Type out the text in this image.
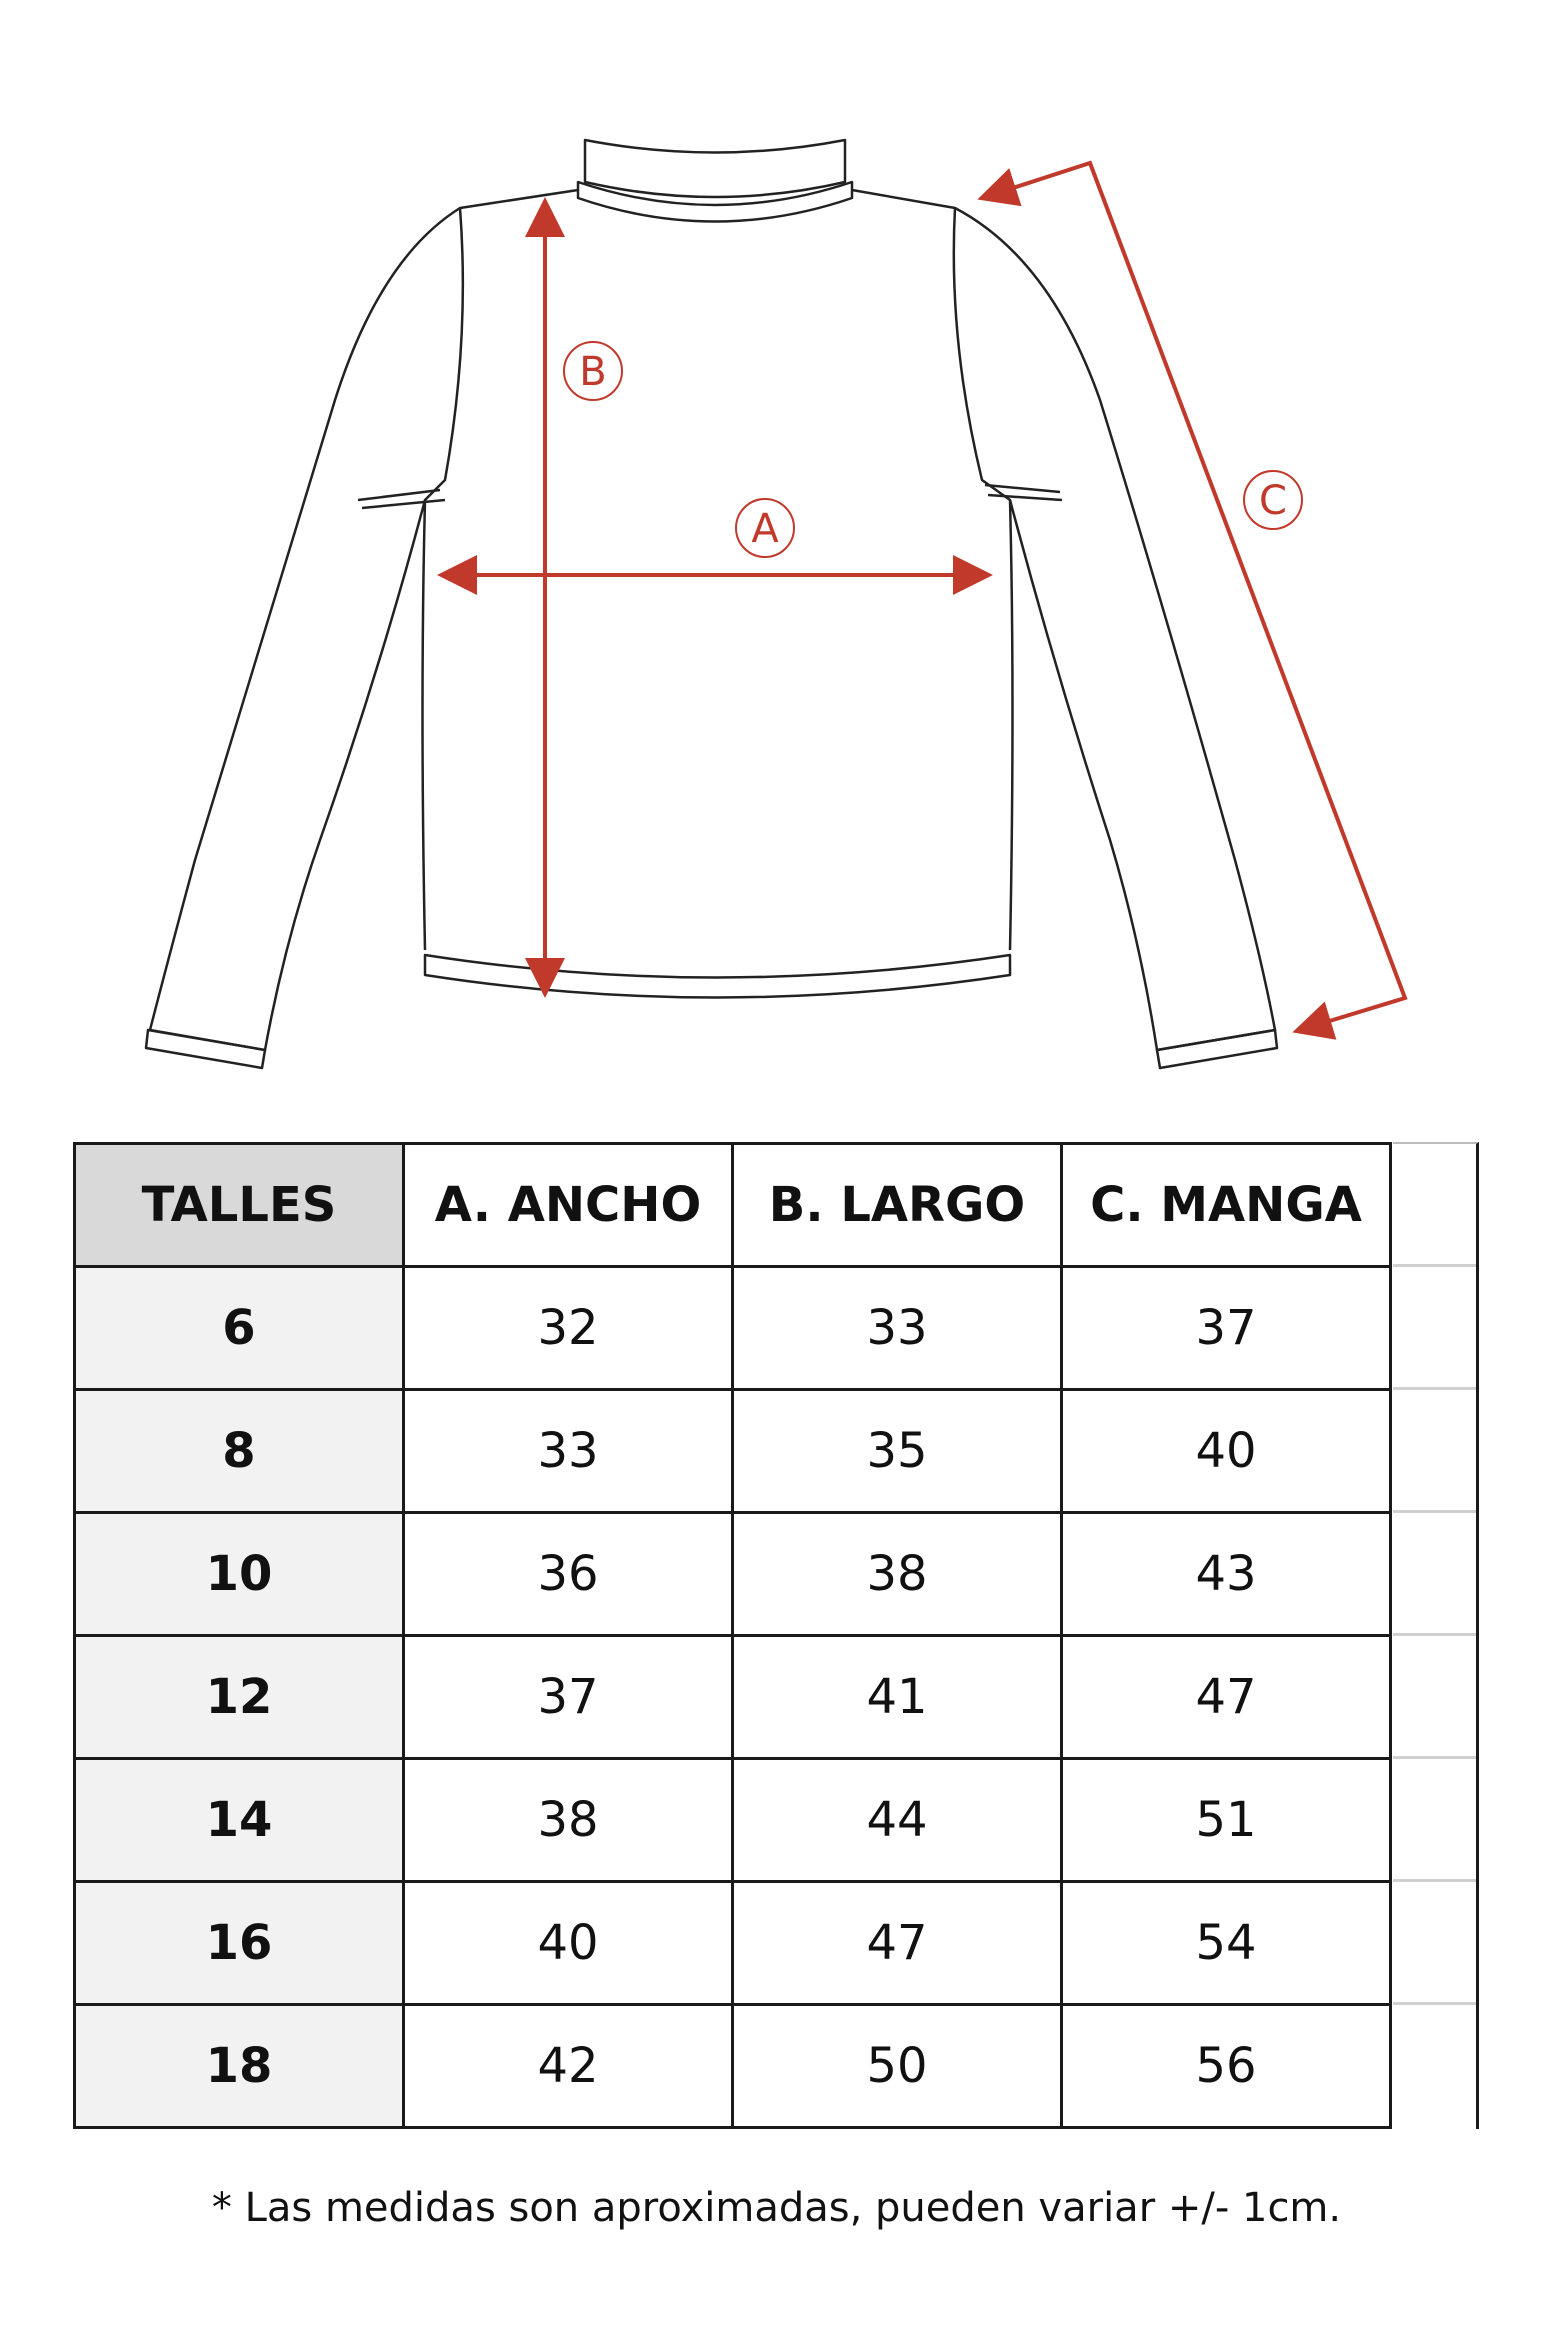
A
B
C
TALLES	A. ANCHO	B. LARGO	C. MANGA
6	32	33	37
8	33	35	40
10	36	38	43
12	37	41	47
14	38	44	51
16	40	47	54
18	42	50	56
* Las medidas son aproximadas, pueden variar +/- 1cm.
